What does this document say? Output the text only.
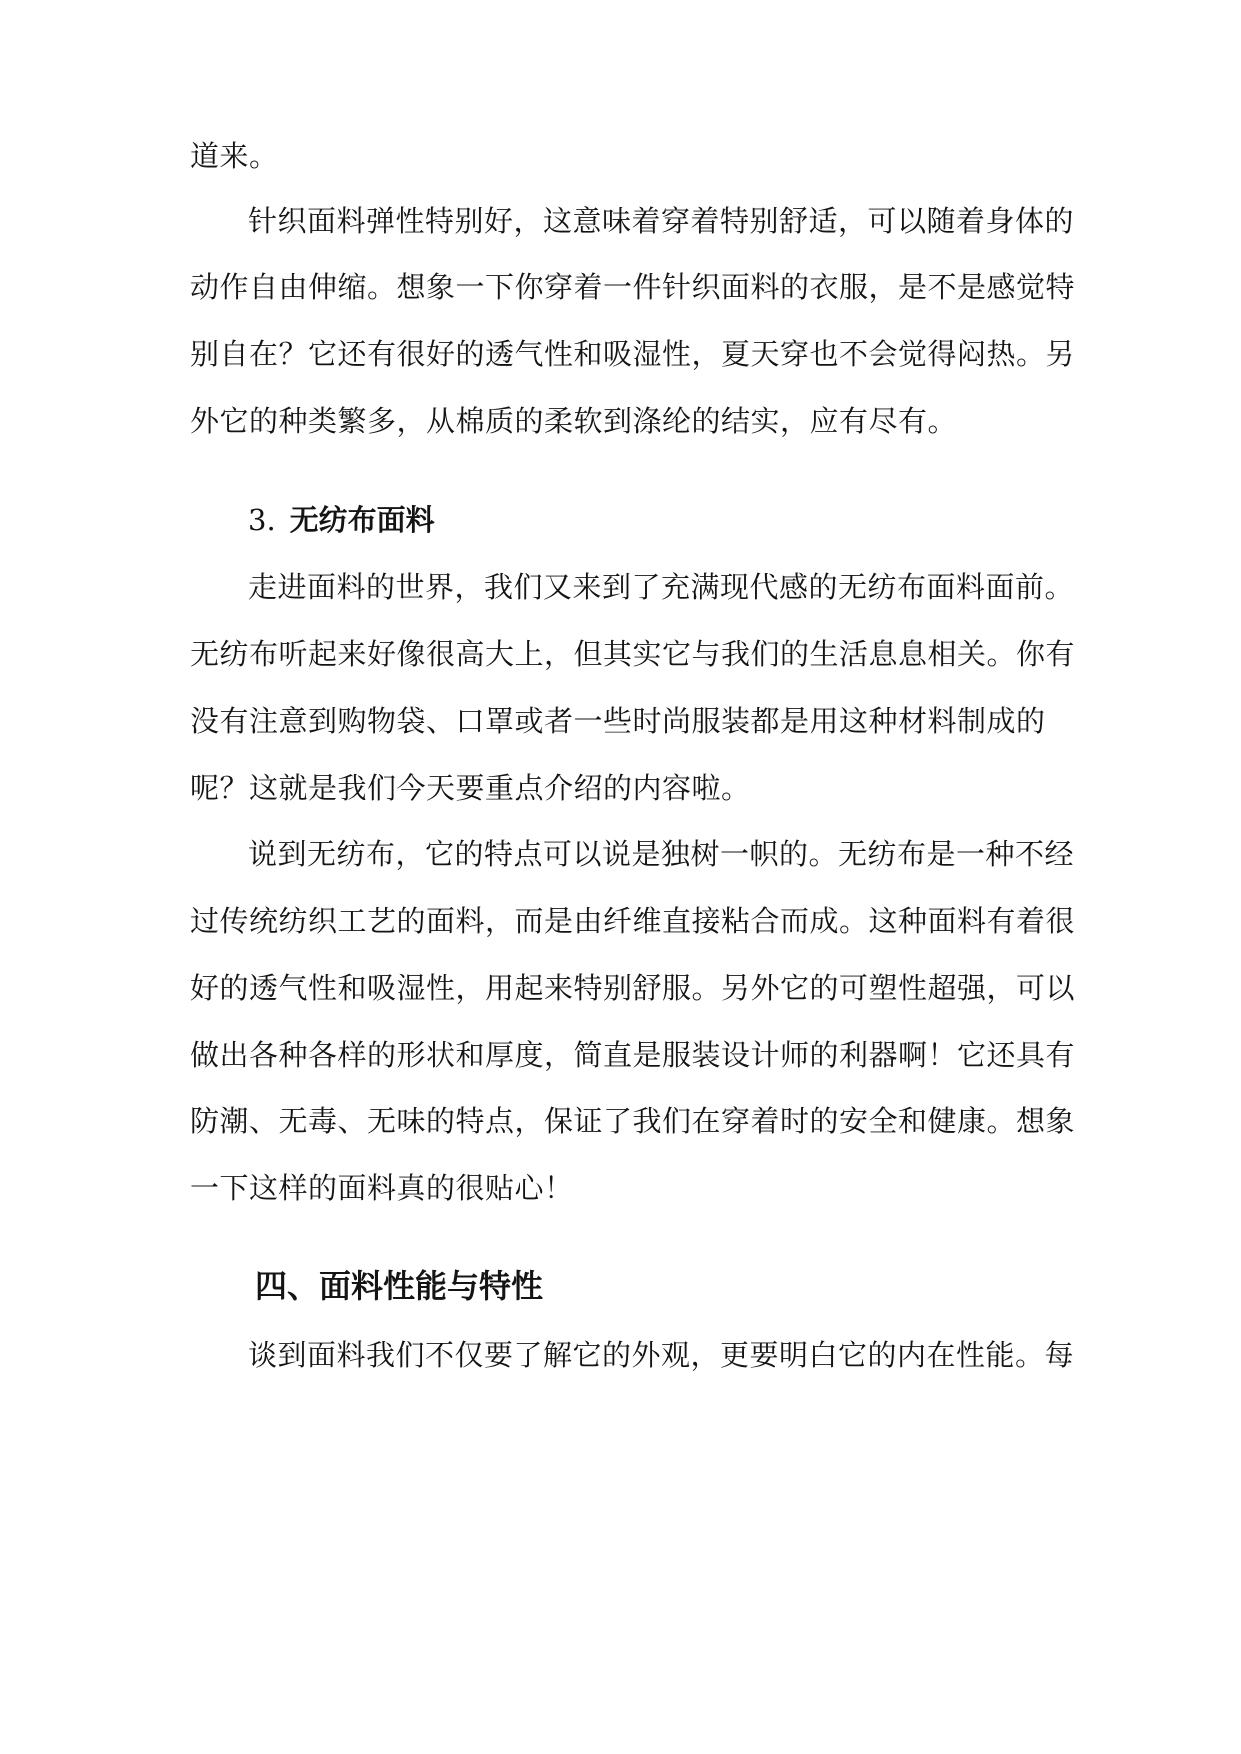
道来。
针织面料弹性特别好，这意味着穿着特别舒适，可以随着身体的
动作自由伸缩。想象一下你穿着一件针织面料的衣服，是不是感觉特
别自在？它还有很好的透气性和吸湿性，夏天穿也不会觉得闷热。另
外它的种类繁多，从棉质的柔软到涤纶的结实，应有尽有。
3. 无纺布面料
走进面料的世界，我们又来到了充满现代感的无纺布面料面前。
无纺布听起来好像很高大上，但其实它与我们的生活息息相关。你有
没有注意到购物袋、口罩或者一些时尚服装都是用这种材料制成的
呢？这就是我们今天要重点介绍的内容啦。
说到无纺布，它的特点可以说是独树一帜的。无纺布是一种不经
过传统纺织工艺的面料，而是由纤维直接粘合而成。这种面料有着很
好的透气性和吸湿性，用起来特别舒服。另外它的可塑性超强，可以
做出各种各样的形状和厚度，简直是服装设计师的利器啊！它还具有
防潮、无毒、无味的特点，保证了我们在穿着时的安全和健康。想象
一下这样的面料真的很贴心！
四、面料性能与特性
谈到面料我们不仅要了解它的外观，更要明白它的内在性能。每
